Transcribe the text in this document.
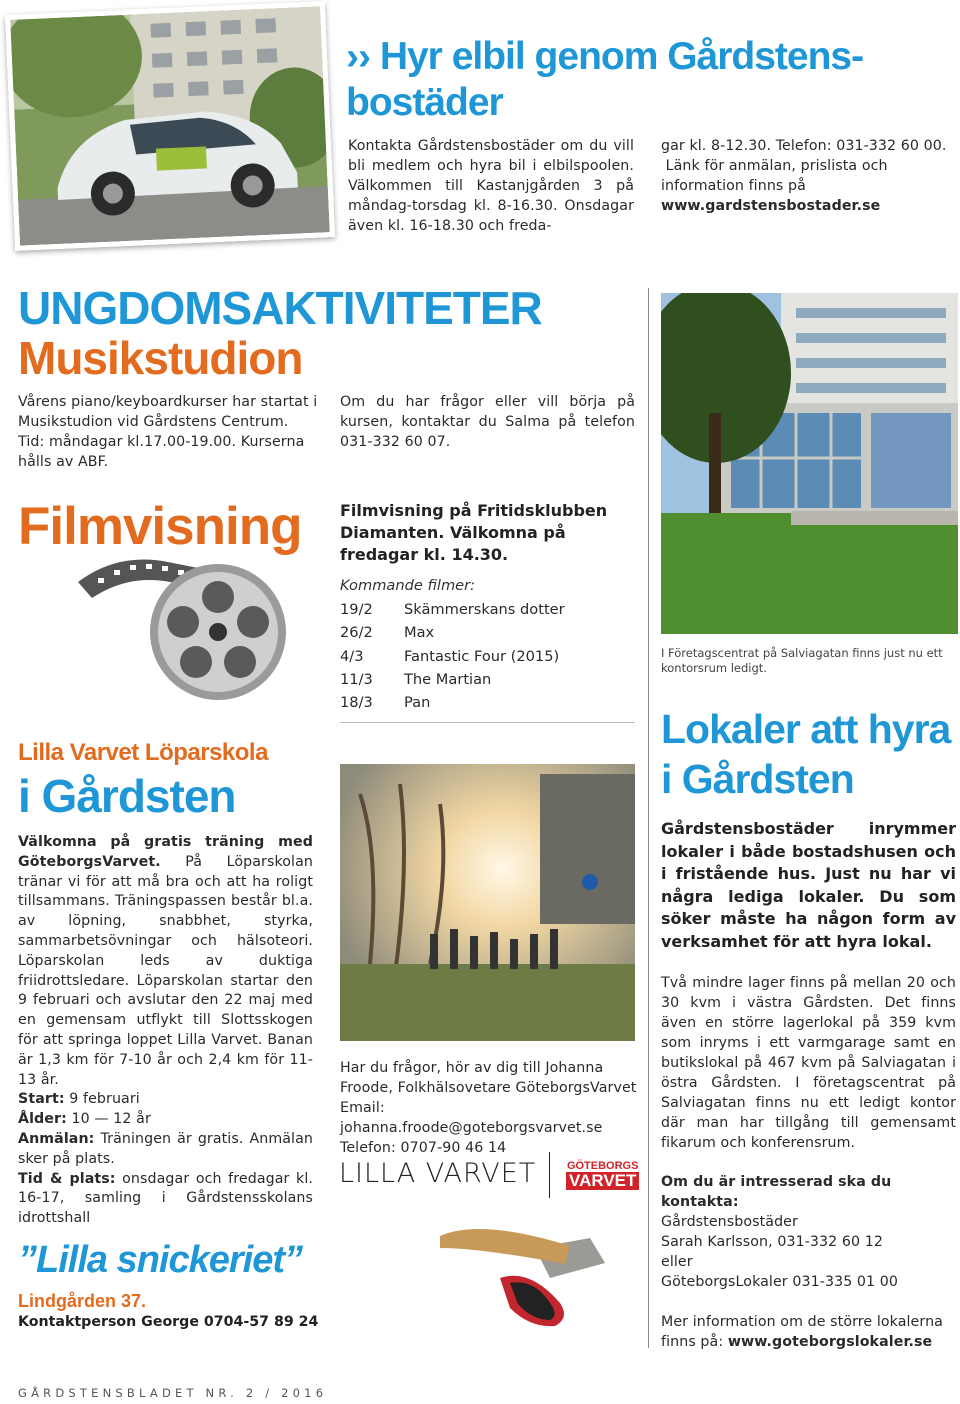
›› Hyr elbil genom Gårdstens-
bostäder
Kontakta Gårdstensbostäder om du vill bli medlem och hyra bil i elbilspoolen. Välkommen till Kastanjgården 3 på måndag-torsdag kl. 8-16.30. Onsdagar även kl. 16-18.30 och freda-
gar kl. 8-12.30. Telefon: 031-332 60 00.
Länk för anmälan, prislista och information finns på www.gardstensbostader.se
UNGDOMSAKTIVITETER
Musikstudion
Vårens piano/keyboardkurser har startat i Musikstudion vid Gårdstens Centrum. Tid: måndagar kl.17.00-19.00. Kurserna hålls av ABF.
Om du har frågor eller vill börja på kursen, kontaktar du Salma på telefon 031-332 60 07.
I Företagscentrat på Salviagatan finns just nu ett kontorsrum ledigt.
Filmvisning Filmvisning på Fritidsklubben Diamanten. Välkomna på fredagar kl. 14.30.
Kommande filmer:
19/2	Skämmerskans dotter
26/2	Max
4/3	Fantastic Four (2015)
11/3	The Martian
18/3	Pan
Lilla Varvet Löparskola
i Gårdsten
Välkomna på gratis träning med GöteborgsVarvet. På Löparskolan tränar vi för att må bra och att ha roligt tillsammans. Träningspassen består bl.a. av löpning, snabbhet, styrka, sammarbetsövningar och hälsoteori. Löparskolan leds av duktiga friidrottsledare. Löparskolan startar den 9 februari och avslutar den 22 maj med en gemensam utflykt till Slottsskogen för att springa loppet Lilla Varvet. Banan är 1,3 km för 7-10 år och 2,4 km för 11-13 år.
Start: 9 februari
Ålder: 10 — 12 år
Anmälan: Träningen är gratis. Anmälan sker på plats.
Tid & plats: onsdagar och fredagar kl. 16-17, samling i Gårdstensskolans idrottshall
Har du frågor, hör av dig till Johanna Froode, Folkhälsovetare GöteborgsVarvet Email: johanna.froode@goteborgsvarvet.se Telefon: 0707-90 46 14
LILLA VARVET	GÖTEBORGS
VARVET
”Lilla snickeriet”
Lindgården 37.
Kontaktperson George 0704-57 89 24
Lokaler att hyra
i Gårdsten
Gårdstensbostäder inrymmer lokaler i både bostadshusen och i fristående hus. Just nu har vi några lediga lokaler. Du som söker måste ha någon form av verksamhet för att hyra lokal.
Två mindre lager finns på mellan 20 och 30 kvm i västra Gårdsten. Det finns även en större lagerlokal på 359 kvm som inryms i ett varmgarage samt en butikslokal på 467 kvm på Salviagatan i östra Gårdsten. I företagscentrat på Salviagatan finns nu ett ledigt kontor där man har tillgång till gemensamt fikarum och konferensrum.
Om du är intresserad ska du kontakta:
Gårdstensbostäder
Sarah Karlsson, 031-332 60 12
eller
GöteborgsLokaler 031-335 01 00

Mer information om de större lokalerna finns på: www.goteborgslokaler.se
GÅRDSTENSBLADET NR. 2 / 2016
